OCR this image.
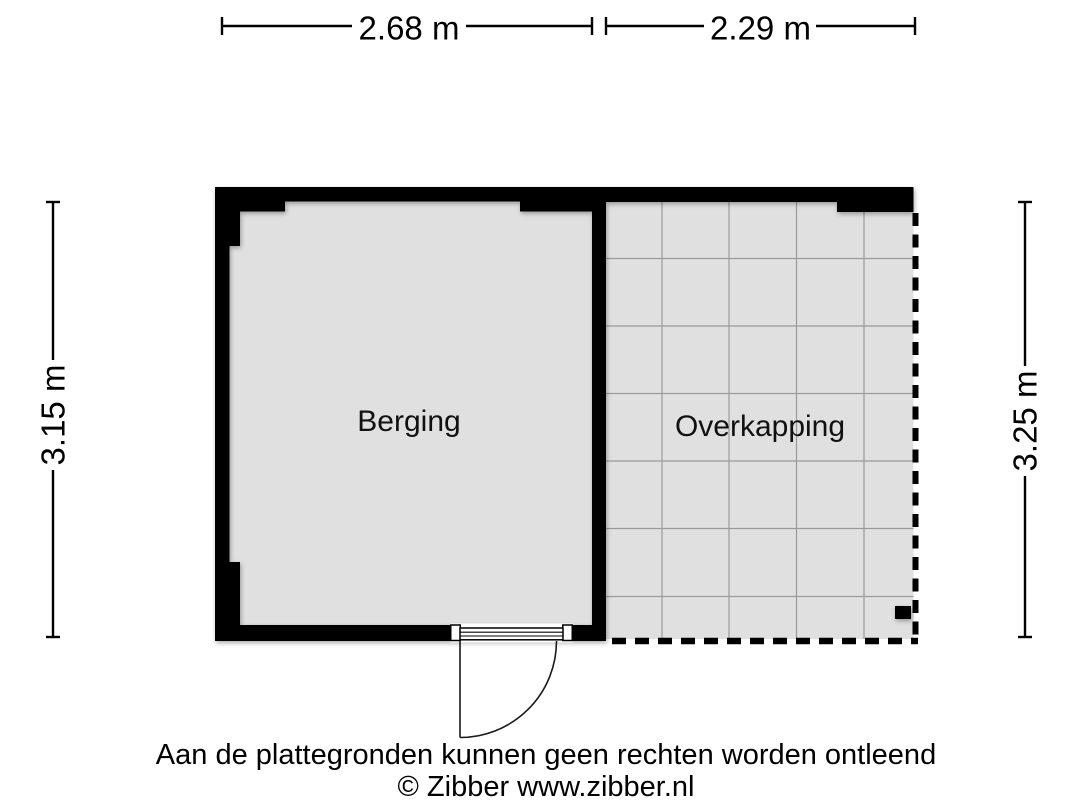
2.68 m	2.29 m
3.15 m	3.25 m
Berging	Overkapping
Aan de plattegronden kunnen geen rechten worden ontleend
© Zibber www.zibber.nl
